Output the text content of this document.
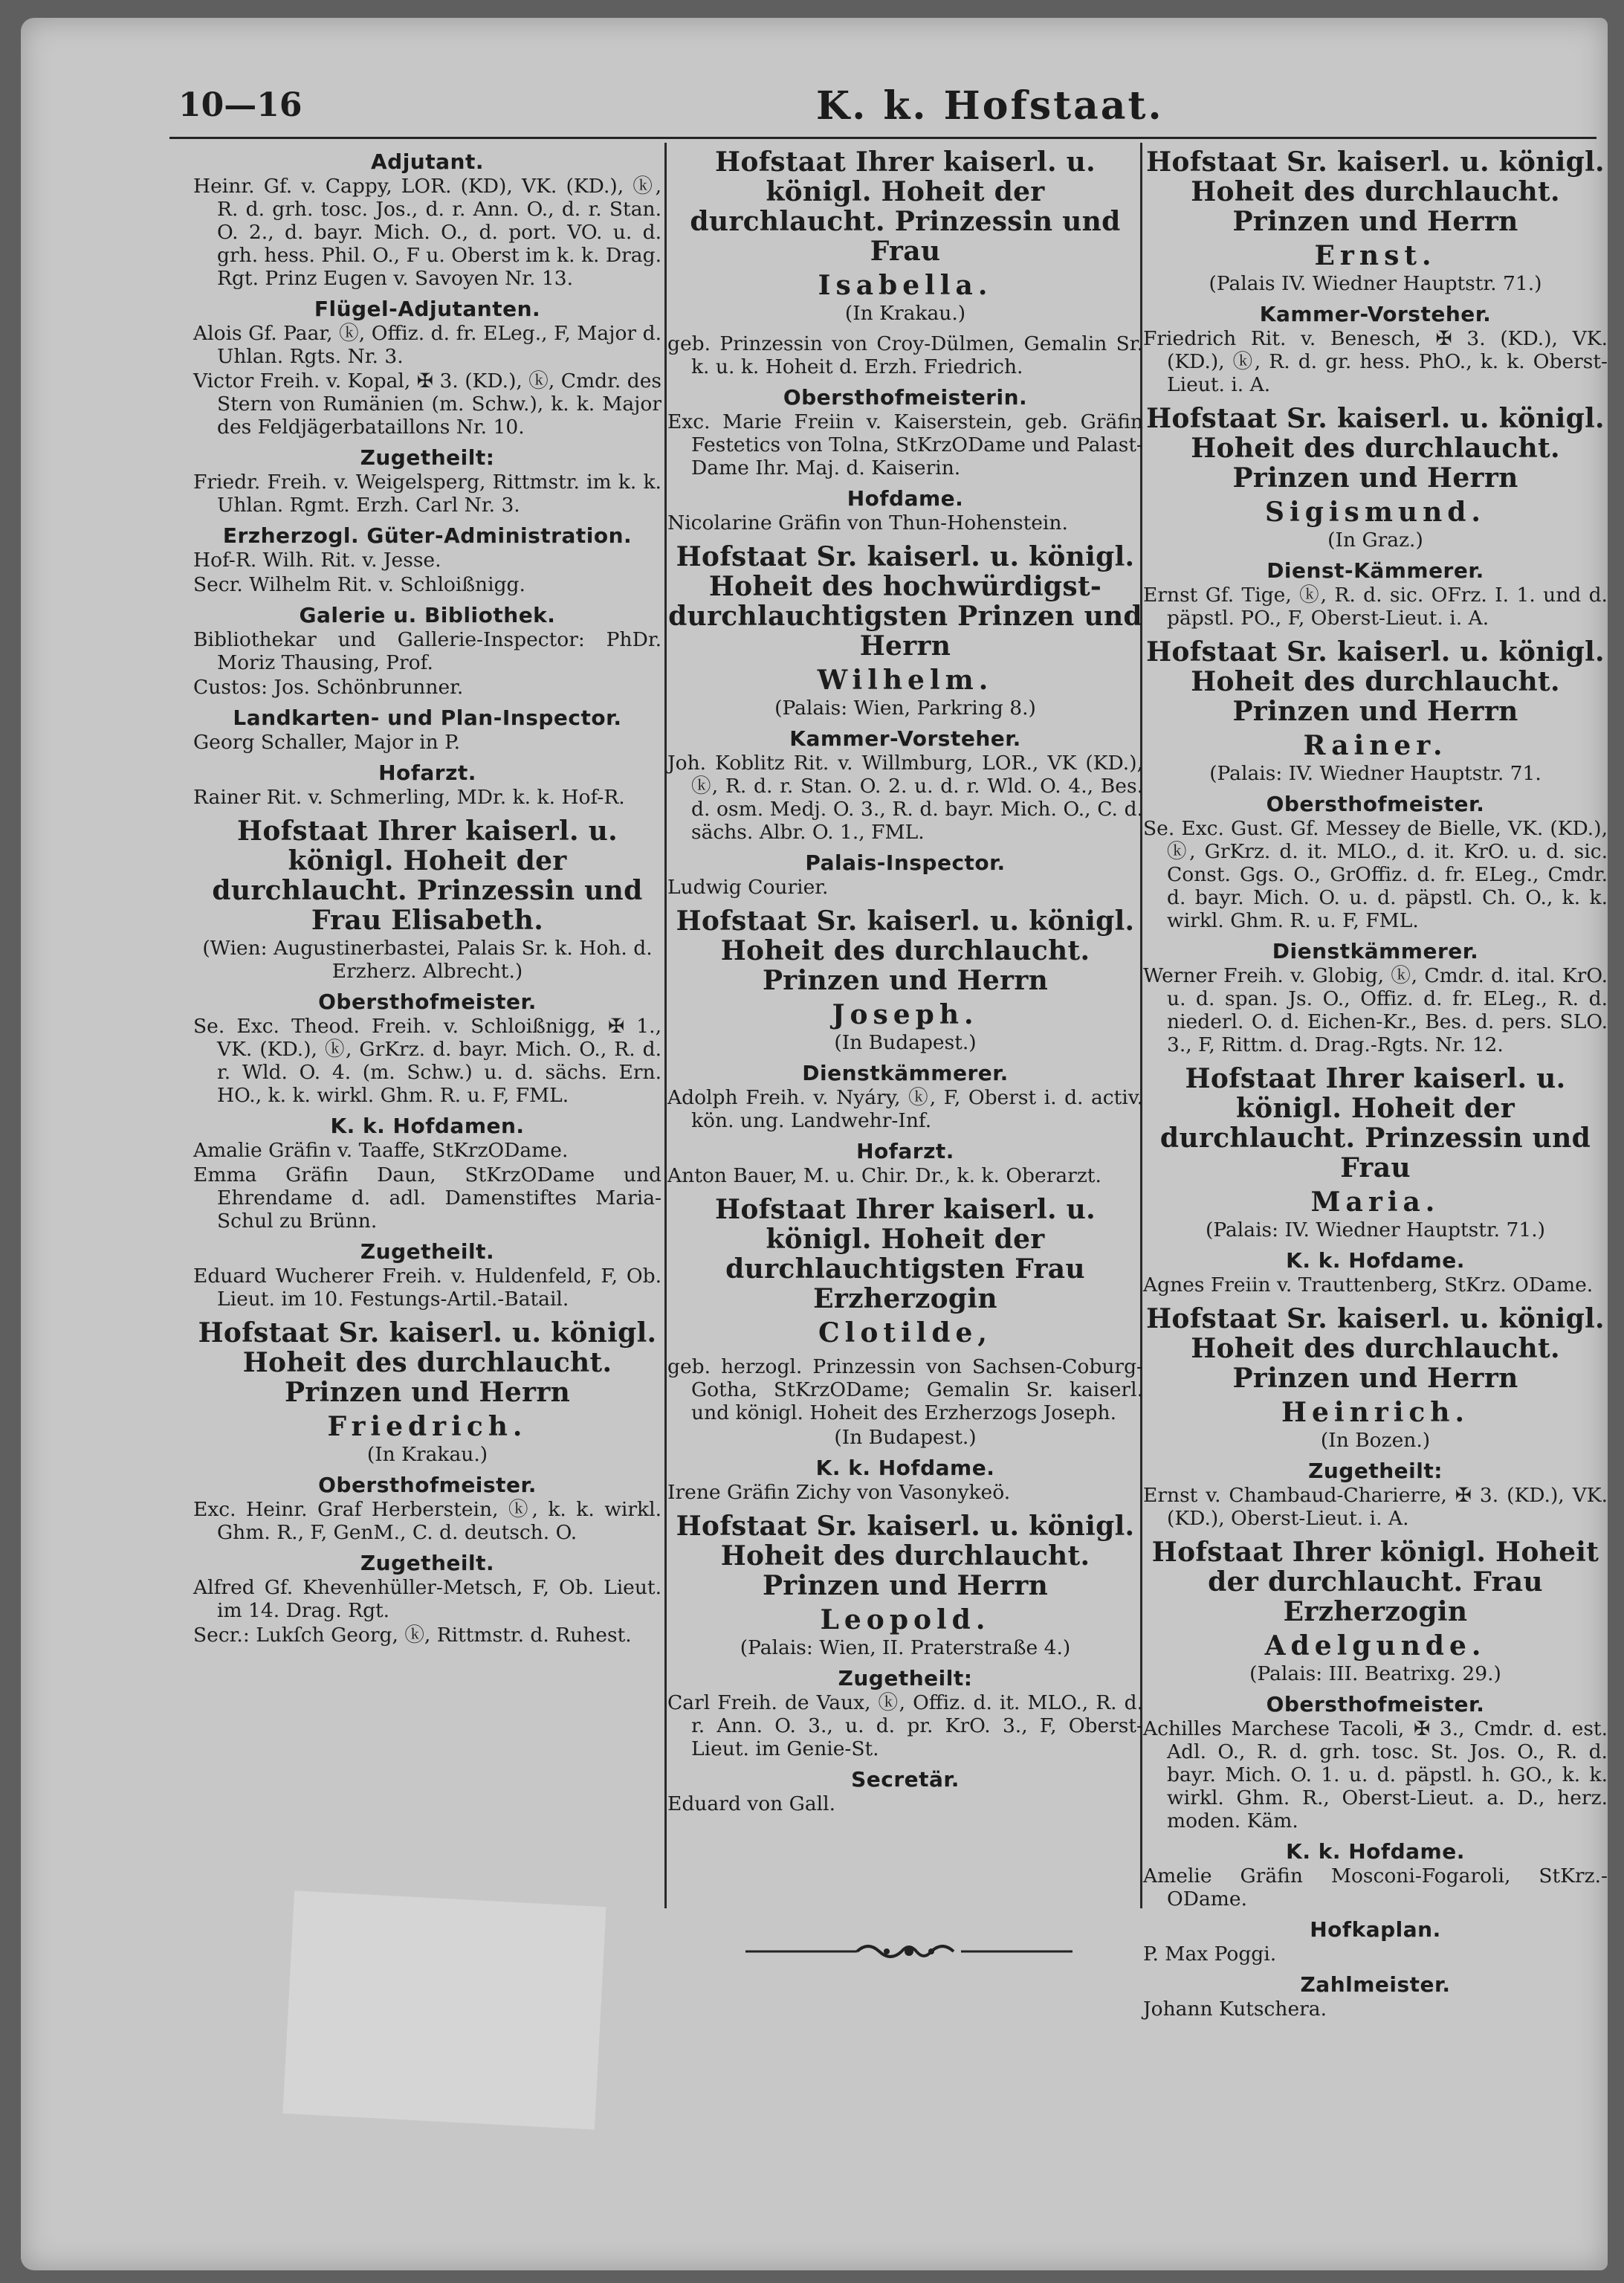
10—16	K. k. Hofstaat.
Adjutant.
Heinr. Gf. v. Cappy, LOR. (KD), VK. (KD.), ⓚ, R. d. grh. tosc. Jos., d. r. Ann. O., d. r. Stan. O. 2., d. bayr. Mich. O., d. port. VO. u. d. grh. hess. Phil. O., F u. Oberst im k. k. Drag. Rgt. Prinz Eugen v. Savoyen Nr. 13.
Flügel-Adjutanten.
Alois Gf. Paar, ⓚ, Offiz. d. fr. ELeg., F, Major d. Uhlan. Rgts. Nr. 3.
Victor Freih. v. Kopal, ✠ 3. (KD.), ⓚ, Cmdr. des Stern von Rumänien (m. Schw.), k. k. Major des Feldjägerbataillons Nr. 10.
Zugetheilt:
Friedr. Freih. v. Weigelsperg, Rittmstr. im k. k. Uhlan. Rgmt. Erzh. Carl Nr. 3.
Erzherzogl. Güter-Administration.
Hof-R. Wilh. Rit. v. Jesse.
Secr. Wilhelm Rit. v. Schloißnigg.
Galerie u. Bibliothek.
Bibliothekar und Gallerie-Inspector: PhDr. Moriz Thausing, Prof.
Custos: Jos. Schönbrunner.
Landkarten- und Plan-Inspector.
Georg Schaller, Major in P.
Hofarzt.
Rainer Rit. v. Schmerling, MDr. k. k. Hof-R.
Hofstaat Ihrer kaiserl. u. königl. Hoheit der durchlaucht. Prinzessin und Frau Elisabeth.
(Wien: Augustinerbastei, Palais Sr. k. Hoh. d. Erzherz. Albrecht.)
Obersthofmeister.
Se. Exc. Theod. Freih. v. Schloißnigg, ✠ 1., VK. (KD.), ⓚ, GrKrz. d. bayr. Mich. O., R. d. r. Wld. O. 4. (m. Schw.) u. d. sächs. Ern. HO., k. k. wirkl. Ghm. R. u. F, FML.
K. k. Hofdamen.
Amalie Gräfin v. Taaffe, StKrzODame.
Emma Gräfin Daun, StKrzODame und Ehrendame d. adl. Damenstiftes Maria-Schul zu Brünn.
Zugetheilt.
Eduard Wucherer Freih. v. Huldenfeld, F, Ob. Lieut. im 10. Festungs-Artil.-Batail.
Hofstaat Sr. kaiserl. u. königl. Hoheit des durchlaucht. Prinzen und Herrn
Friedrich.
(In Krakau.)
Obersthofmeister.
Exc. Heinr. Graf Herberstein, ⓚ, k. k. wirkl. Ghm. R., F, GenM., C. d. deutsch. O.
Zugetheilt.
Alfred Gf. Khevenhüller-Metsch, F, Ob. Lieut. im 14. Drag. Rgt.
Secr.: Lukſch Georg, ⓚ, Rittmstr. d. Ruhest.
Hofstaat Ihrer kaiserl. u. königl. Hoheit der durchlaucht. Prinzessin und Frau
Isabella.
(In Krakau.)
geb. Prinzessin von Croy-Dülmen, Gemalin Sr. k. u. k. Hoheit d. Erzh. Friedrich.
Obersthofmeisterin.
Exc. Marie Freiin v. Kaiserstein, geb. Gräfin Festetics von Tolna, StKrzODame und Palast-Dame Ihr. Maj. d. Kaiserin.
Hofdame.
Nicolarine Gräfin von Thun-Hohenstein.
Hofstaat Sr. kaiserl. u. königl. Hoheit des hochwürdigst-durchlauchtigsten Prinzen und Herrn
Wilhelm.
(Palais: Wien, Parkring 8.)
Kammer-Vorsteher.
Joh. Koblitz Rit. v. Willmburg, LOR., VK (KD.), ⓚ, R. d. r. Stan. O. 2. u. d. r. Wld. O. 4., Bes. d. osm. Medj. O. 3., R. d. bayr. Mich. O., C. d. sächs. Albr. O. 1., FML.
Palais-Inspector.
Ludwig Courier.
Hofstaat Sr. kaiserl. u. königl. Hoheit des durchlaucht. Prinzen und Herrn
Joseph.
(In Budapest.)
Dienstkämmerer.
Adolph Freih. v. Nyáry, ⓚ, F, Oberst i. d. activ. kön. ung. Landwehr-Inf.
Hofarzt.
Anton Bauer, M. u. Chir. Dr., k. k. Oberarzt.
Hofstaat Ihrer kaiserl. u. königl. Hoheit der durchlauchtigsten Frau Erzherzogin
Clotilde,
geb. herzogl. Prinzessin von Sachsen-Coburg-Gotha, StKrzODame; Gemalin Sr. kaiserl. und königl. Hoheit des Erzherzogs Joseph.
(In Budapest.)
K. k. Hofdame.
Irene Gräfin Zichy von Vasonykeö.
Hofstaat Sr. kaiserl. u. königl. Hoheit des durchlaucht. Prinzen und Herrn
Leopold.
(Palais: Wien, II. Praterstraße 4.)
Zugetheilt:
Carl Freih. de Vaux, ⓚ, Offiz. d. it. MLO., R. d. r. Ann. O. 3., u. d. pr. KrO. 3., F, Oberst-Lieut. im Genie-St.
Secretär.
Eduard von Gall.
Hofstaat Sr. kaiserl. u. königl. Hoheit des durchlaucht. Prinzen und Herrn
Ernst.
(Palais IV. Wiedner Hauptstr. 71.)
Kammer-Vorsteher.
Friedrich Rit. v. Benesch, ✠ 3. (KD.), VK. (KD.), ⓚ, R. d. gr. hess. PhO., k. k. Oberst-Lieut. i. A.
Hofstaat Sr. kaiserl. u. königl. Hoheit des durchlaucht. Prinzen und Herrn
Sigismund.
(In Graz.)
Dienst-Kämmerer.
Ernst Gf. Tige, ⓚ, R. d. sic. OFrz. I. 1. und d. päpstl. PO., F, Oberst-Lieut. i. A.
Hofstaat Sr. kaiserl. u. königl. Hoheit des durchlaucht. Prinzen und Herrn
Rainer.
(Palais: IV. Wiedner Hauptstr. 71.
Obersthofmeister.
Se. Exc. Gust. Gf. Messey de Bielle, VK. (KD.), ⓚ, GrKrz. d. it. MLO., d. it. KrO. u. d. sic. Const. Ggs. O., GrOffiz. d. fr. ELeg., Cmdr. d. bayr. Mich. O. u. d. päpstl. Ch. O., k. k. wirkl. Ghm. R. u. F, FML.
Dienstkämmerer.
Werner Freih. v. Globig, ⓚ, Cmdr. d. ital. KrO. u. d. span. Js. O., Offiz. d. fr. ELeg., R. d. niederl. O. d. Eichen-Kr., Bes. d. pers. SLO. 3., F, Rittm. d. Drag.-Rgts. Nr. 12.
Hofstaat Ihrer kaiserl. u. königl. Hoheit der durchlaucht. Prinzessin und Frau
Maria.
(Palais: IV. Wiedner Hauptstr. 71.)
K. k. Hofdame.
Agnes Freiin v. Trauttenberg, StKrz. ODame.
Hofstaat Sr. kaiserl. u. königl. Hoheit des durchlaucht. Prinzen und Herrn
Heinrich.
(In Bozen.)
Zugetheilt:
Ernst v. Chambaud-Charierre, ✠ 3. (KD.), VK. (KD.), Oberst-Lieut. i. A.
Hofstaat Ihrer königl. Hoheit der durchlaucht. Frau Erzherzogin
Adelgunde.
(Palais: III. Beatrixg. 29.)
Obersthofmeister.
Achilles Marchese Tacoli, ✠ 3., Cmdr. d. est. Adl. O., R. d. grh. tosc. St. Jos. O., R. d. bayr. Mich. O. 1. u. d. päpstl. h. GO., k. k. wirkl. Ghm. R., Oberst-Lieut. a. D., herz. moden. Käm.
K. k. Hofdame.
Amelie Gräfin Mosconi-Fogaroli, StKrz.-ODame.
Hofkaplan.
P. Max Poggi.
Zahlmeister.
Johann Kutschera.
